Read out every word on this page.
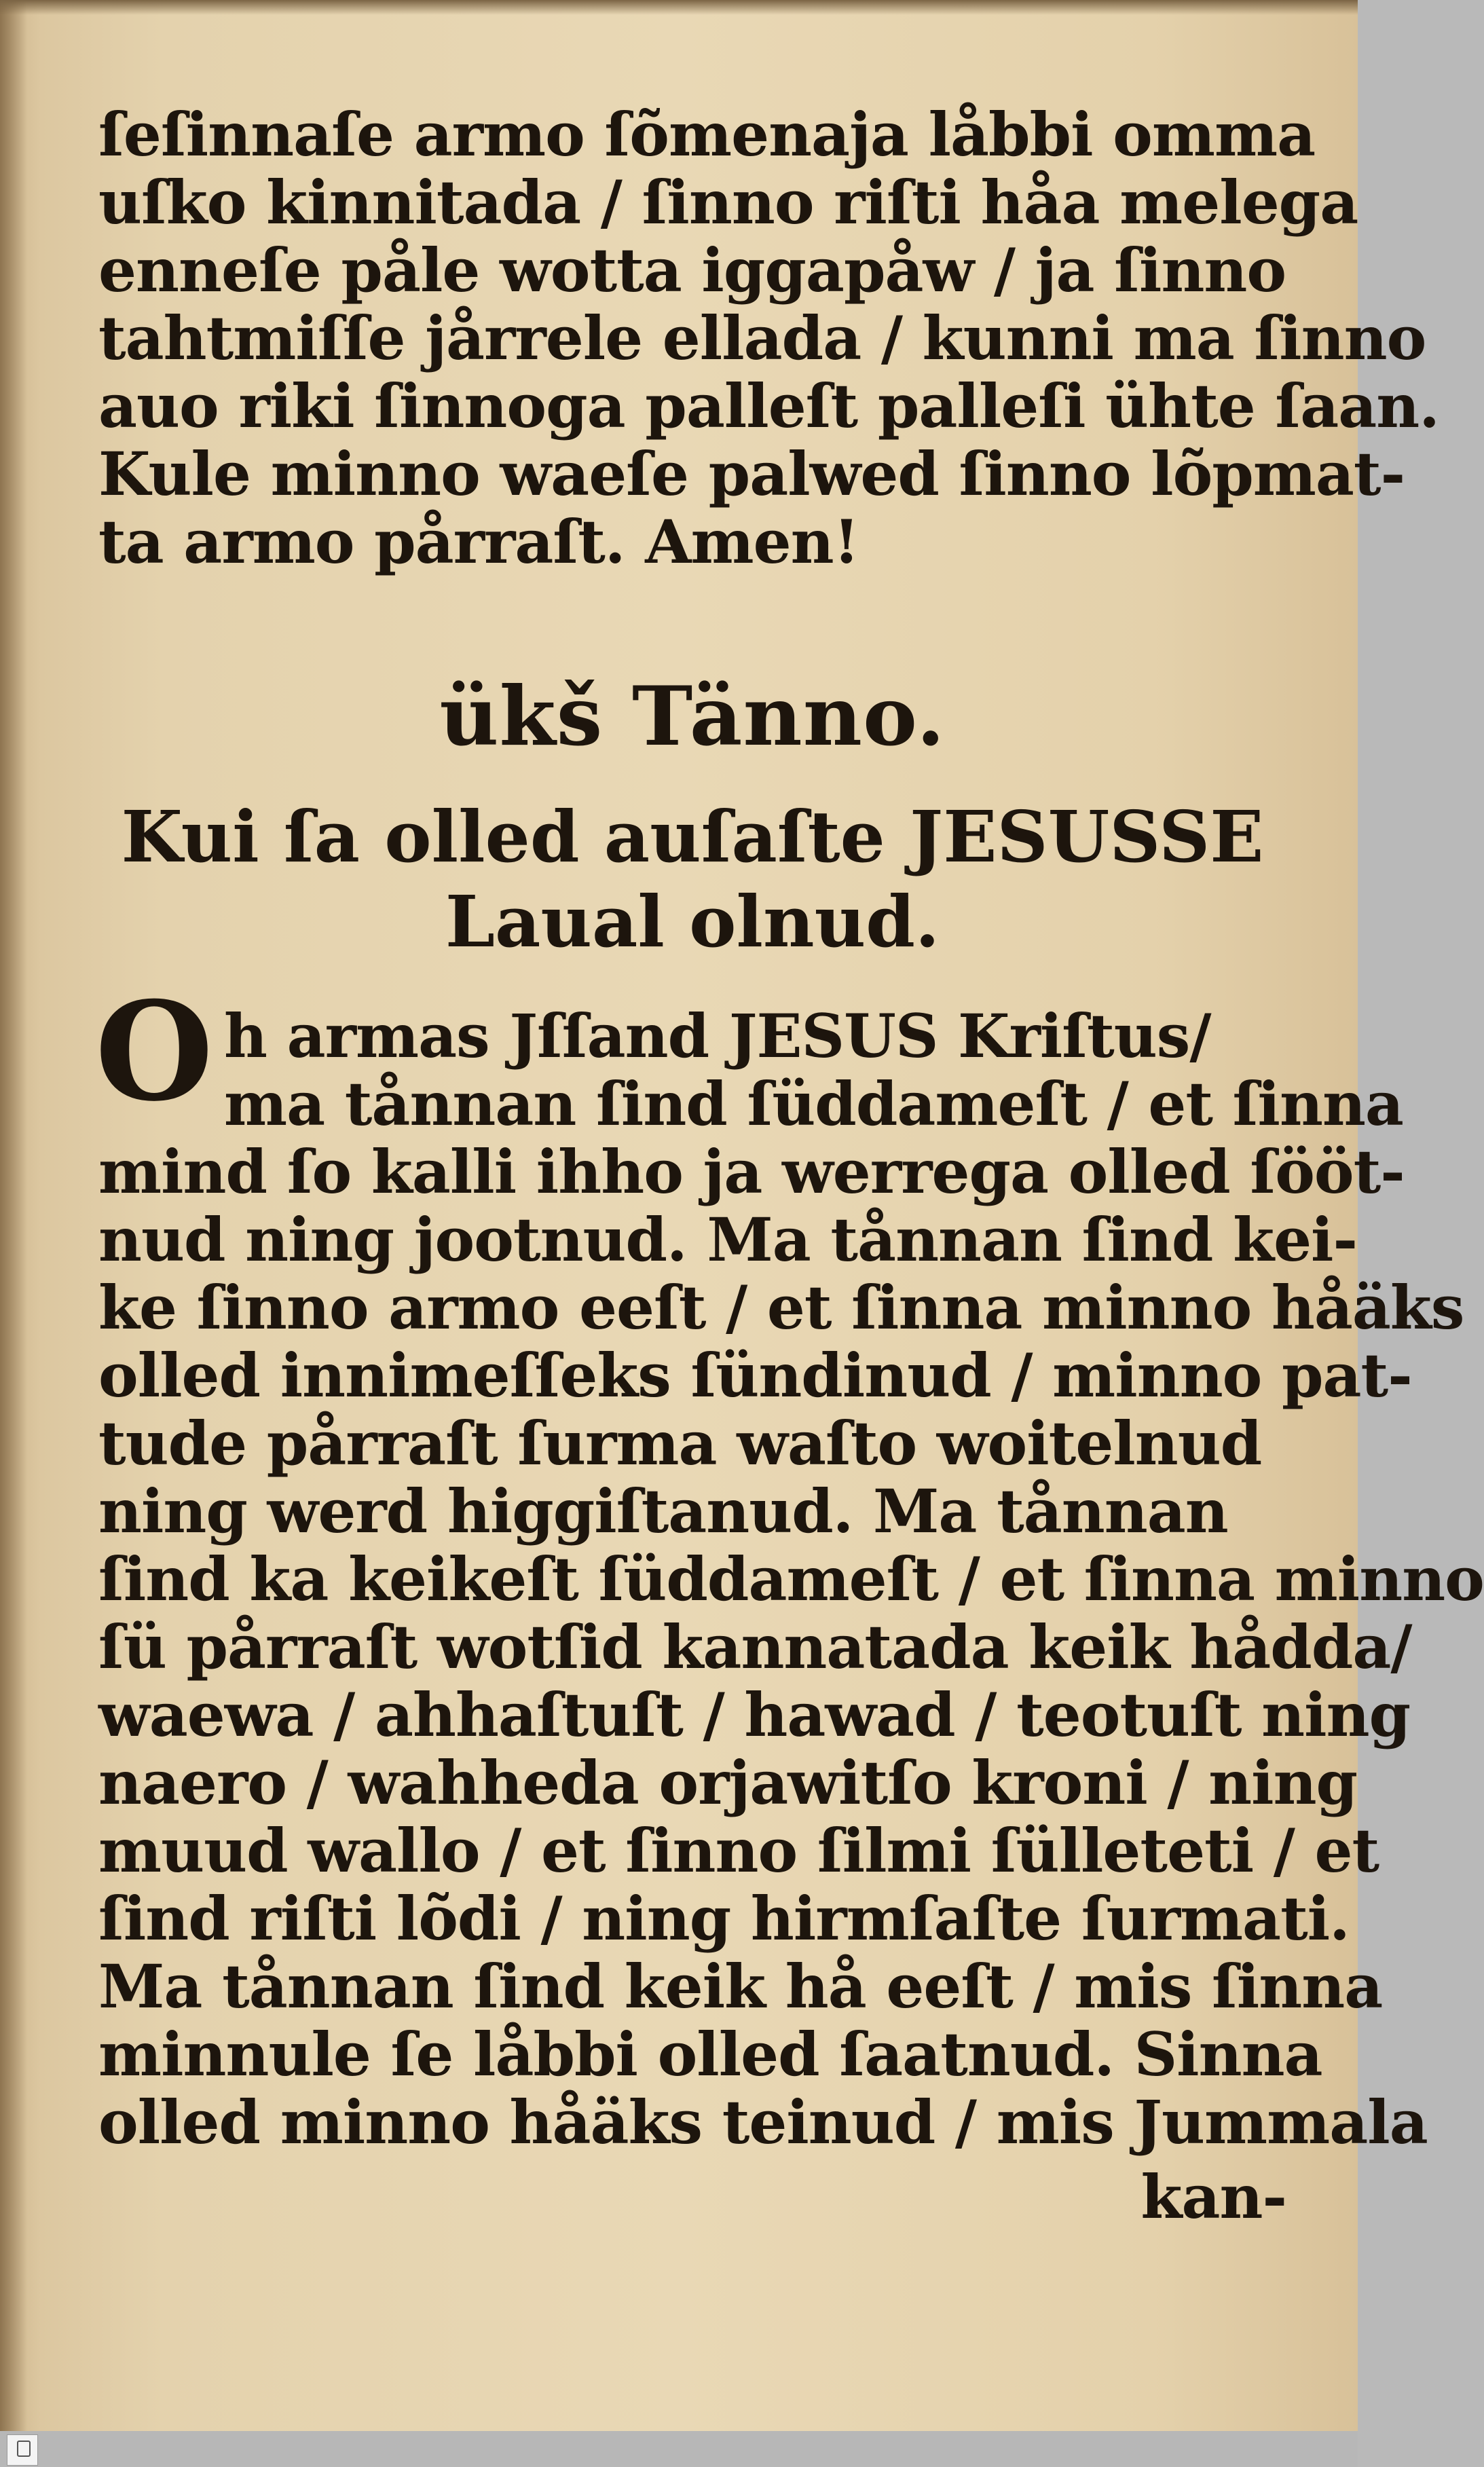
ſeſinnaſe armo ſõmenaja låbbi omma

uſko kinnitada / ſinno riſti håa melega

enneſe påle wotta iggapåw / ja ſinno

tahtmiſſe jårrele ellada / kunni ma ſinno

auo riki ſinnoga palleſt palleſi ühte ſaan.

Kule minno waeſe palwed ſinno lõpmat-

ta armo pårraſt. Amen!

ükš Tänno.
Kui ſa olled auſaſte JESUSSE
Laual olnud.
O h armas Jſſand JESUS Kriſtus/

ma tånnan ſind ſüddameſt / et ſinna

mind ſo kalli ihho ja werrega olled ſööt-

nud ning jootnud. Ma tånnan ſind kei-

ke ſinno armo eeſt / et ſinna minno håäks

olled innimeſſeks ſündinud / minno pat-

tude pårraſt ſurma waſto woitelnud

ning werd higgiſtanud. Ma tånnan

ſind ka keikeſt ſüddameſt / et ſinna minno

ſü pårraſt wotſid kannatada keik hådda/

waewa / ahhaſtuſt / hawad / teotuſt ning

naero / wahheda orjawitſo kroni / ning

muud wallo / et ſinno ſilmi ſülleteti / et

ſind riſti lõdi / ning hirmſaſte ſurmati.

Ma tånnan ſind keik hå eeſt / mis ſinna

minnule ſe låbbi olled ſaatnud. Sinna

olled minno håäks teinud / mis Jummala

kan-
